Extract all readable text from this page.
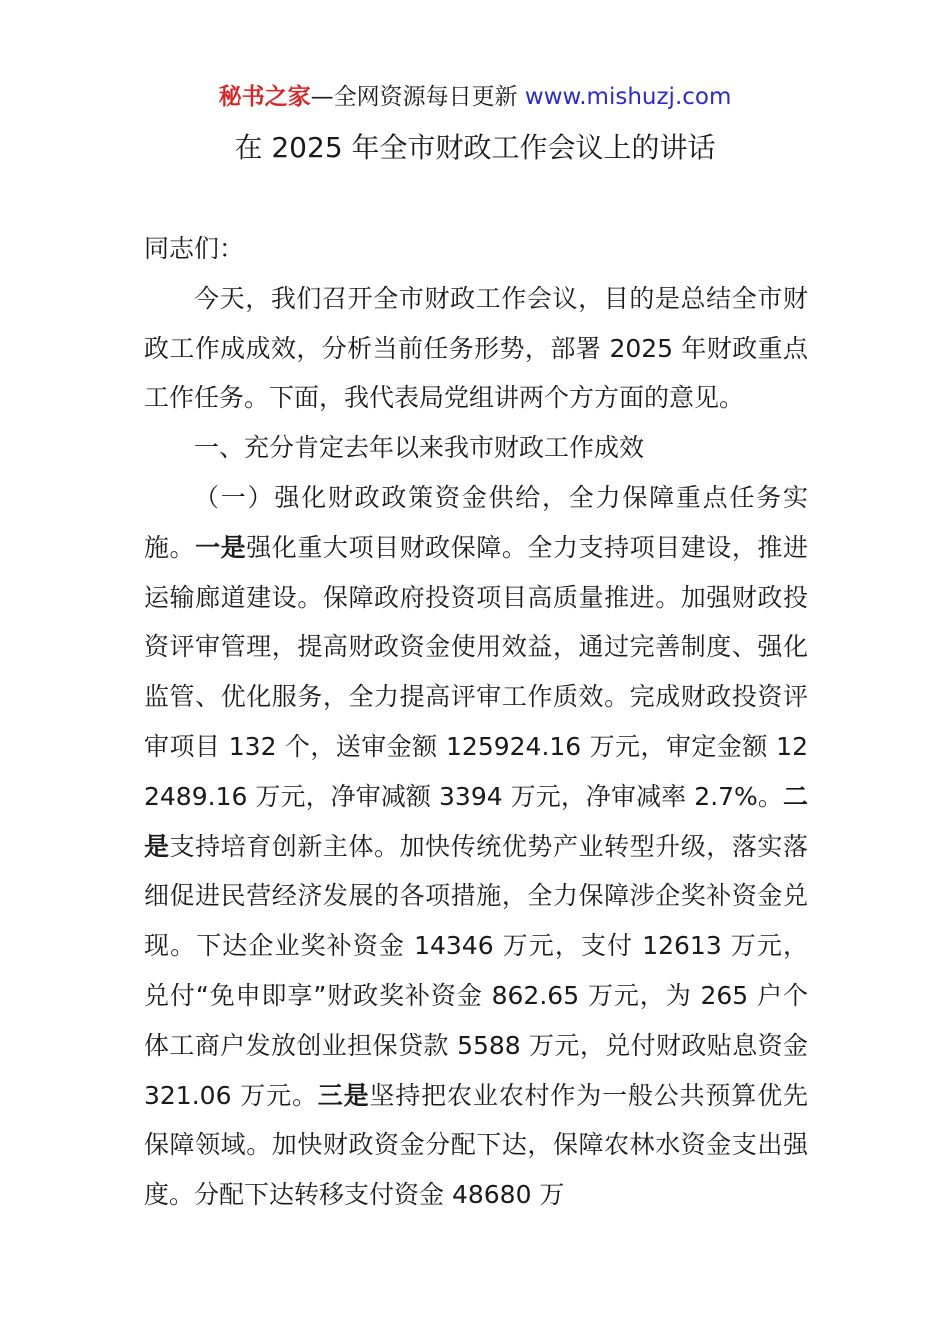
秘书之家—全网资源每日更新 www.mishuzj.com
在 2025 年全市财政工作会议上的讲话

同志们：

今天，我们召开全市财政工作会议，目的是总结全市财政工作成成效，分析当前任务形势，部署 2025 年财政重点工作任务。下面，我代表局党组讲两个方方面的意见。

一、充分肯定去年以来我市财政工作成效

（一）强化财政政策资金供给，全力保障重点任务实施。一是强化重大项目财政保障。全力支持项目建设，推进运输廊道建设。保障政府投资项目高质量推进。加强财政投资评审管理，提高财政资金使用效益，通过完善制度、强化监管、优化服务，全力提高评审工作质效。完成财政投资评审项目 132 个，送审金额 125924.16 万元，审定金额 122489.16 万元，净审减额 3394 万元，净审减率 2.7%。二是支持培育创新主体。加快传统优势产业转型升级，落实落细促进民营经济发展的各项措施，全力保障涉企奖补资金兑现。下达企业奖补资金 14346 万元，支付 12613 万元，兑付“免申即享”财政奖补资金 862.65 万元，为 265 户个体工商户发放创业担保贷款 5588 万元，兑付财政贴息资金 321.06 万元。三是坚持把农业农村作为一般公共预算优先保障领域。加快财政资金分配下达，保障农林水资金支出强度。分配下达转移支付资金 48680 万
